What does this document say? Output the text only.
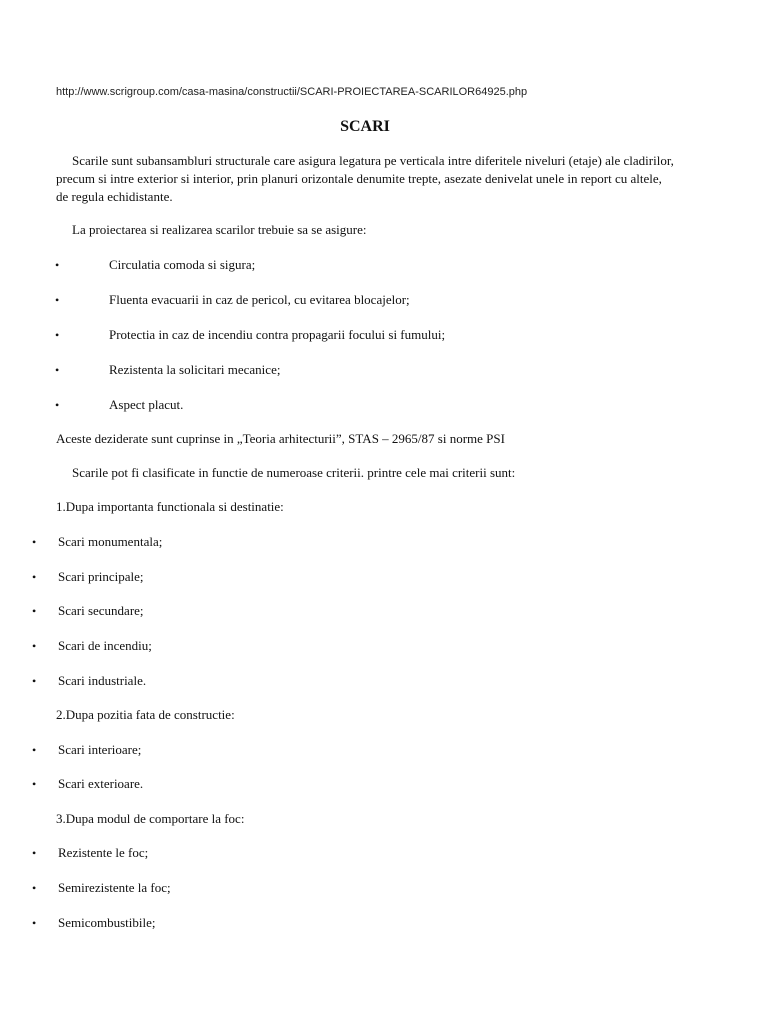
http://www.scrigroup.com/casa-masina/constructii/SCARI-PROIECTAREA-SCARILOR64925.php
SCARI
Scarile sunt subansambluri structurale care asigura legatura pe verticala intre diferitele niveluri (etaje) ale cladirilor, precum si intre exterior si interior, prin planuri orizontale denumite trepte, asezate denivelat unele in report cu altele, de regula echidistante.
La proiectarea si realizarea scarilor trebuie sa se asigure:
•	Circulatia comoda si sigura;
•	Fluenta evacuarii in caz de pericol, cu evitarea blocajelor;
•	Protectia in caz de incendiu contra propagarii focului si fumului;
•	Rezistenta la solicitari mecanice;
•	Aspect placut.
Aceste deziderate sunt cuprinse in „Teoria arhitecturii”, STAS – 2965/87 si norme PSI
Scarile pot fi clasificate in functie de numeroase criterii. printre cele mai criterii sunt:
1.Dupa importanta functionala si destinatie:
• Scari monumentala;
• Scari principale;
• Scari secundare;
• Scari de incendiu;
• Scari industriale.
2.Dupa pozitia fata de constructie:
• Scari interioare;
• Scari exterioare.
3.Dupa modul de comportare la foc:
• Rezistente le foc;
• Semirezistente la foc;
• Semicombustibile;
